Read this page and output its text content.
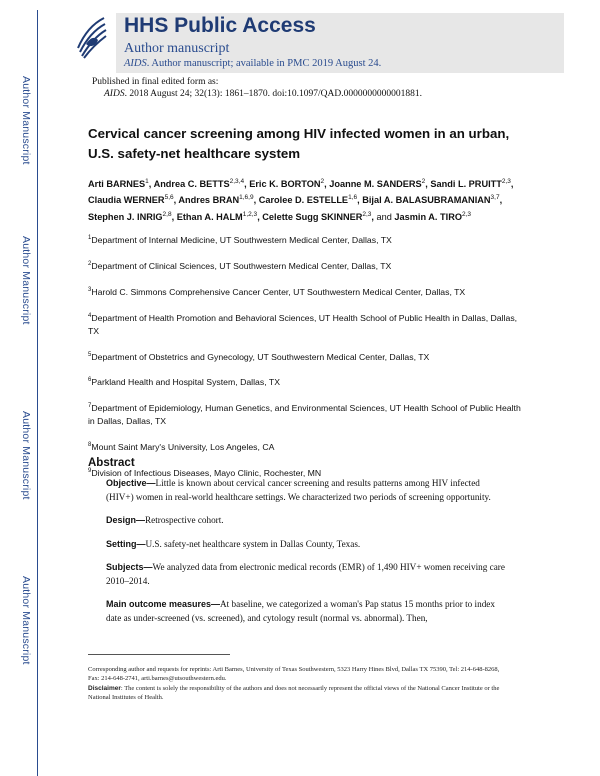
Author Manuscript
Author Manuscript
Author Manuscript
Author Manuscript
HHS Public Access
Author manuscript
AIDS. Author manuscript; available in PMC 2019 August 24.
Published in final edited form as:
AIDS. 2018 August 24; 32(13): 1861–1870. doi:10.1097/QAD.0000000000001881.
Cervical cancer screening among HIV infected women in an urban, U.S. safety-net healthcare system
Arti BARNES$^1$, Andrea C. BETTS$^{2,3,4}$, Eric K. BORTON$^2$, Joanne M. SANDERS$^2$, Sandi L. PRUITT$^{2,3}$, Claudia WERNER$^{5,6}$, Andres BRAN$^{1,6,9}$, Carolee D. ESTELLE$^{1,6}$, Bijal A. BALASUBRAMANIAN$^{3,7}$, Stephen J. INRIG$^{2,8}$, Ethan A. HALM$^{1,2,3}$, Celette Sugg SKINNER$^{2,3}$, and Jasmin A. TIRO$^{2,3}$
$^1$Department of Internal Medicine, UT Southwestern Medical Center, Dallas, TX
$^2$Department of Clinical Sciences, UT Southwestern Medical Center, Dallas, TX
$^3$Harold C. Simmons Comprehensive Cancer Center, UT Southwestern Medical Center, Dallas, TX
$^4$Department of Health Promotion and Behavioral Sciences, UT Health School of Public Health in Dallas, Dallas, TX
$^5$Department of Obstetrics and Gynecology, UT Southwestern Medical Center, Dallas, TX
$^6$Parkland Health and Hospital System, Dallas, TX
$^7$Department of Epidemiology, Human Genetics, and Environmental Sciences, UT Health School of Public Health in Dallas, Dallas, TX
$^8$Mount Saint Mary's University, Los Angeles, CA
$^9$Division of Infectious Diseases, Mayo Clinic, Rochester, MN
Abstract
Objective—Little is known about cervical cancer screening and results patterns among HIV infected (HIV+) women in real-world healthcare settings. We characterized two periods of screening opportunity.
Design—Retrospective cohort.
Setting—U.S. safety-net healthcare system in Dallas County, Texas.
Subjects—We analyzed data from electronic medical records (EMR) of 1,490 HIV+ women receiving care 2010–2014.
Main outcome measures—At baseline, we categorized a woman's Pap status 15 months prior to index date as under-screened (vs. screened), and cytology result (normal vs. abnormal). Then,

Corresponding author and requests for reprints: Arti Barnes, University of Texas Southwestern, 5323 Harry Hines Blvd, Dallas TX 75390, Tel: 214-648-8268, Fax: 214-648-2741, arti.barnes@utsouthwestern.edu.

Disclaimer: The content is solely the responsibility of the authors and does not necessarily represent the official views of the National Cancer Institute or the National Institutes of Health.
